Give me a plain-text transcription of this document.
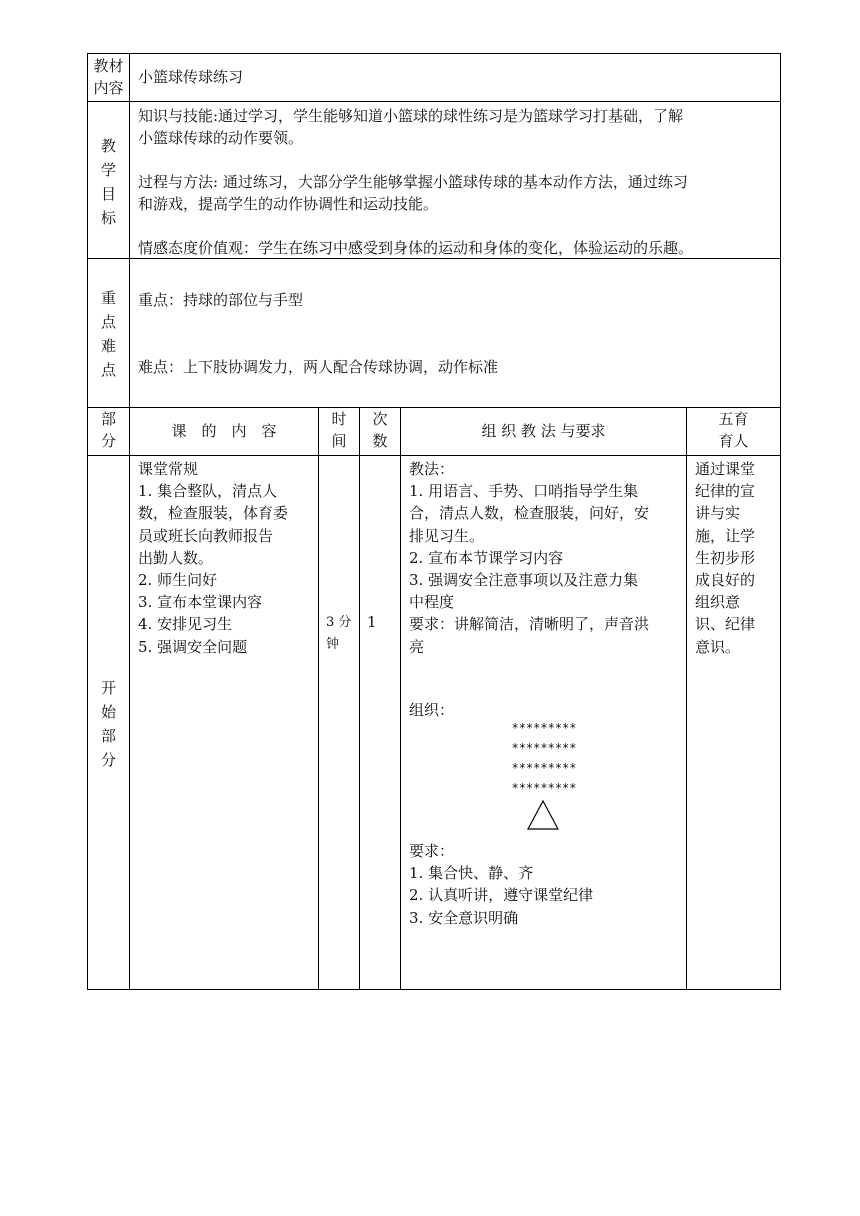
教材
内容
小篮球传球练习
教
学
目
标
知识与技能:通过学习，学生能够知道小篮球的球性练习是为篮球学习打基础，了解
小篮球传球的动作要领。
过程与方法: 通过练习，大部分学生能够掌握小篮球传球的基本动作方法，通过练习
和游戏，提高学生的动作协调性和运动技能。
情感态度价值观：学生在练习中感受到身体的运动和身体的变化，体验运动的乐趣。
重
点
难
点
重点：持球的部位与手型
难点：上下肢协调发力，两人配合传球协调，动作标准
部
分
课　的　内　容
时
间
次
数
组 织 教 法 与要求
五育
育人
开
始
部
分
课堂常规
1. 集合整队，清点人
数，检查服装，体育委
员或班长向教师报告
出勤人数。
2. 师生问好
3. 宣布本堂课内容
4. 安排见习生
5. 强调安全问题
3 分
钟
1
教法：
1. 用语言、手势、口哨指导学生集
合，清点人数，检查服装，问好，安
排见习生。
2. 宣布本节课学习内容
3. 强调安全注意事项以及注意力集
中程度
要求：讲解简洁，清晰明了，声音洪
亮
组织：
*********
*********
*********
*********
要求：
1. 集合快、静、齐
2. 认真听讲，遵守课堂纪律
3. 安全意识明确
通过课堂
纪律的宣
讲与实
施，让学
生初步形
成良好的
组织意
识、纪律
意识。
